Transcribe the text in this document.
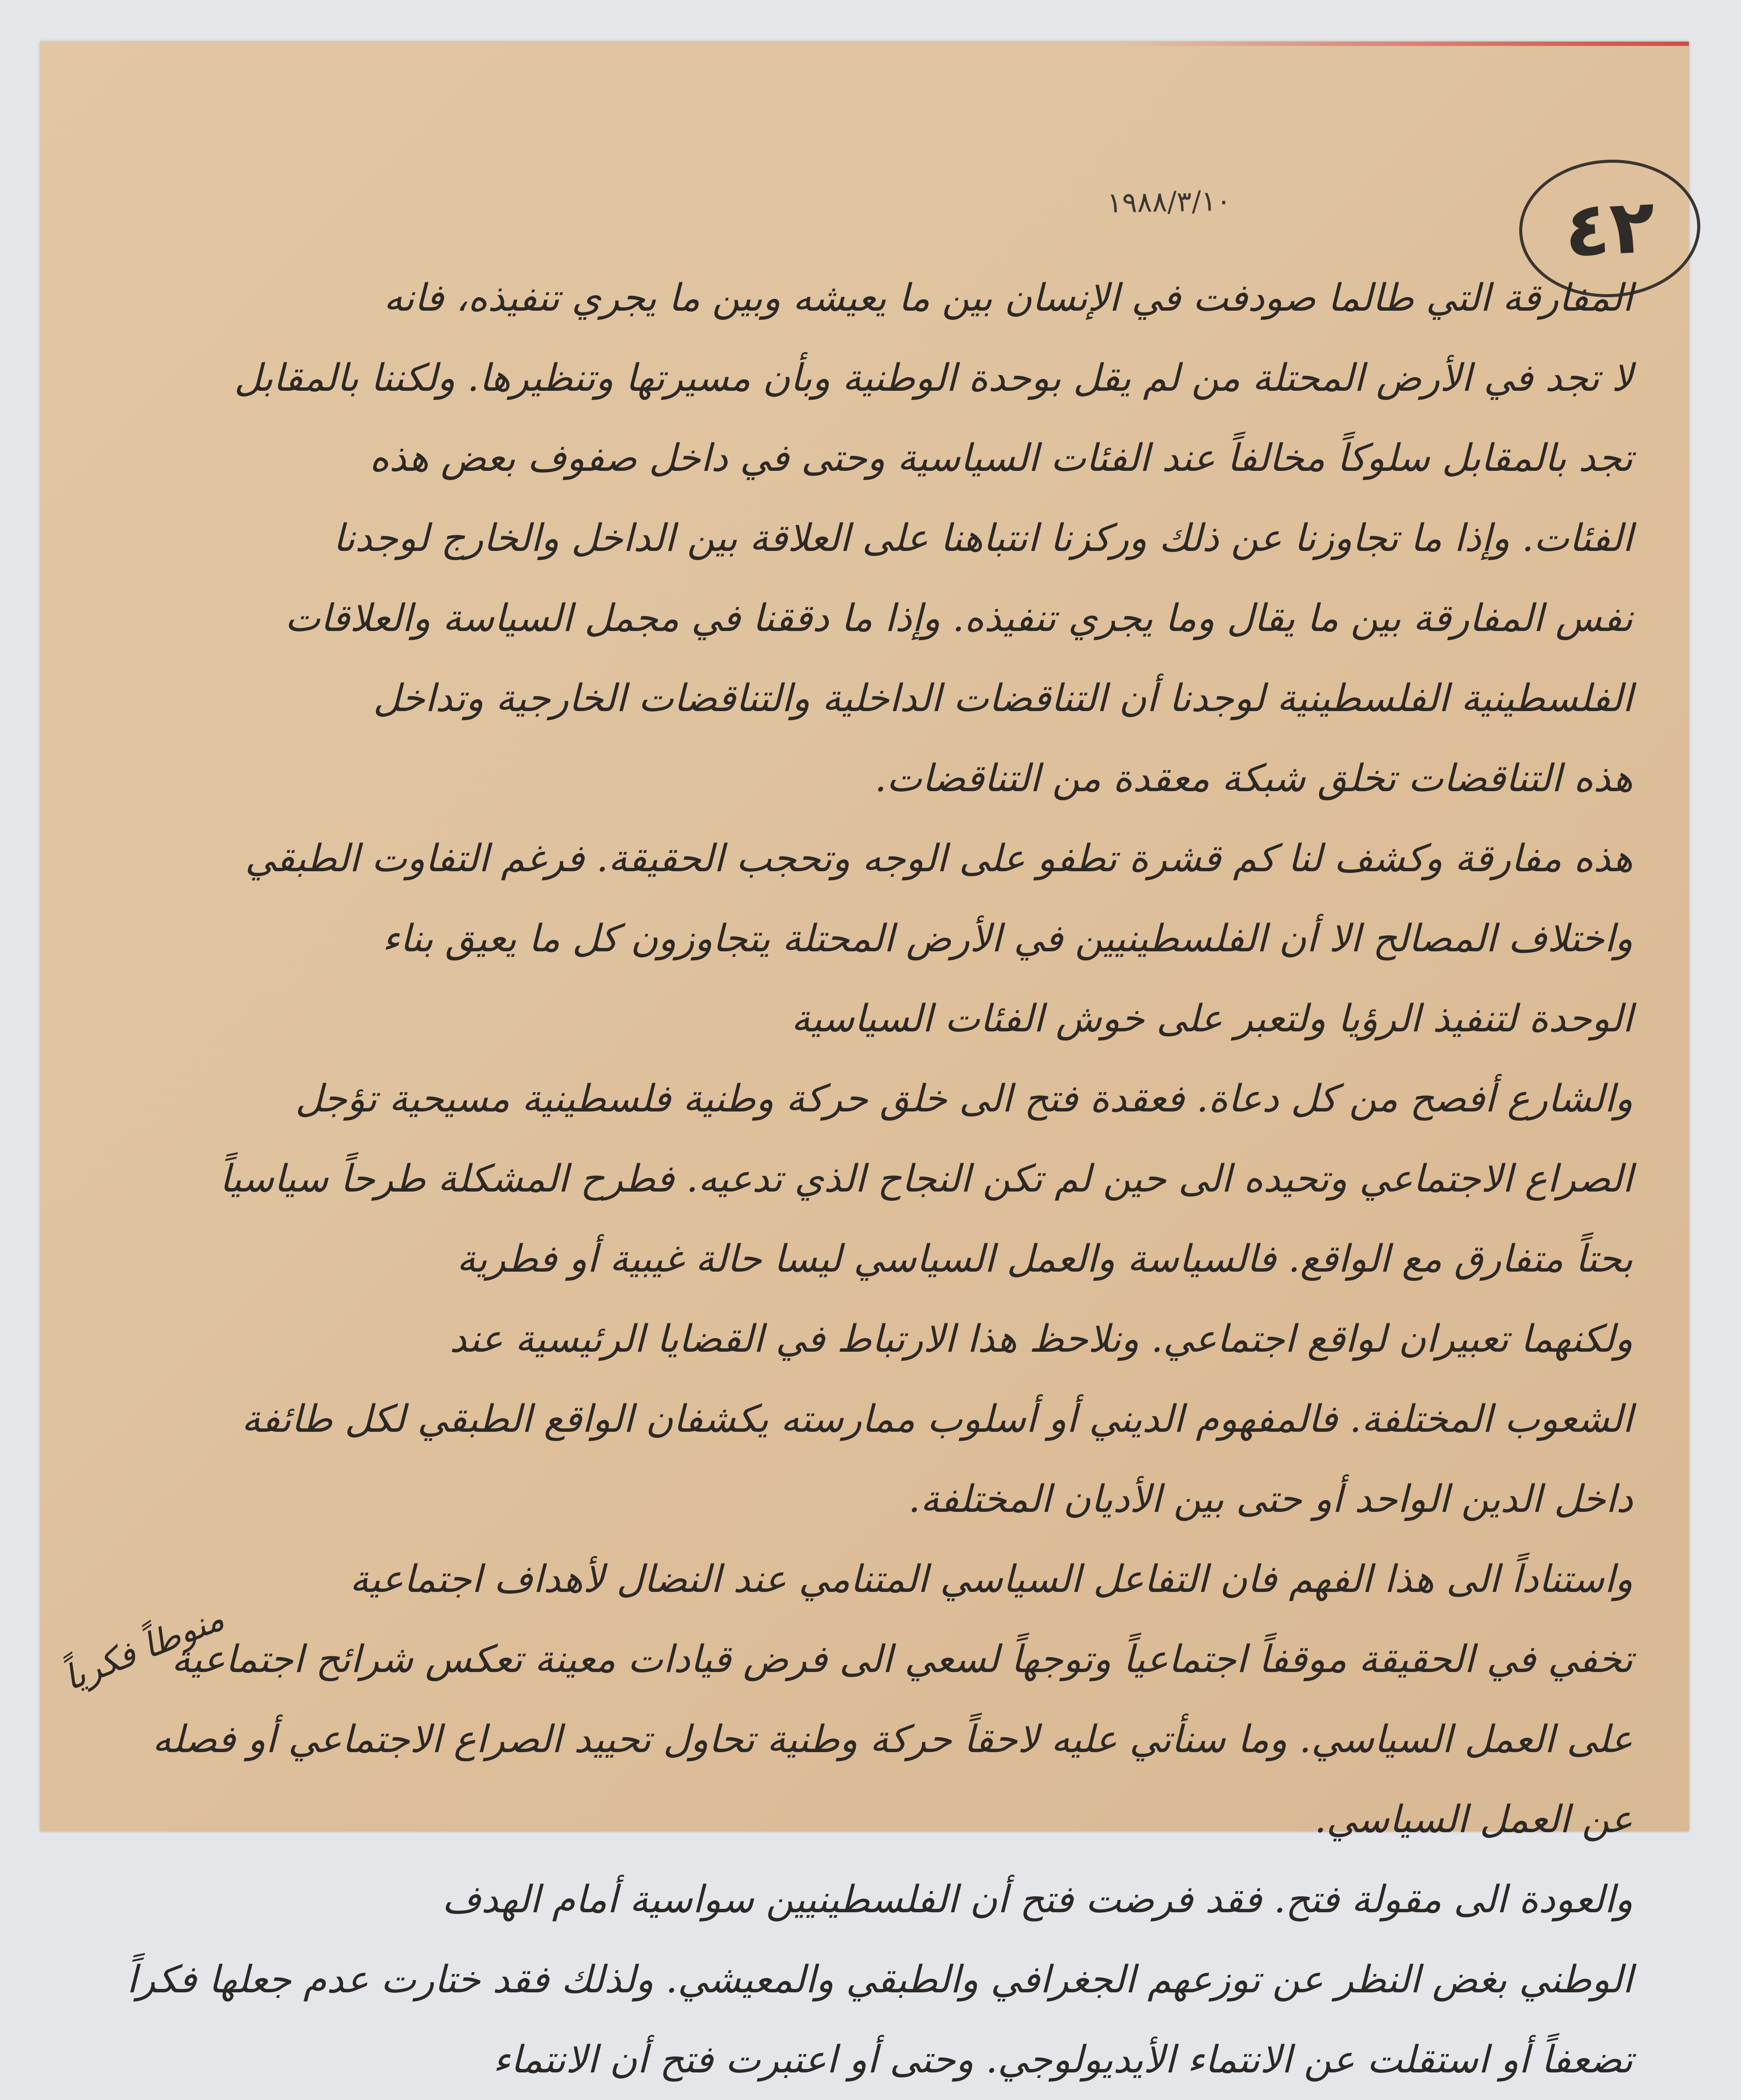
٤٢
١٩٨٨/٣/١٠
المفارقة التي طالما صودفت في الإنسان بين ما يعيشه وبين ما يجري تنفيذه، فانه
لا تجد في الأرض المحتلة من لم يقل بوحدة الوطنية وبأن مسيرتها وتنظيرها. ولكننا بالمقابل
تجد بالمقابل سلوكاً مخالفاً عند الفئات السياسية وحتى في داخل صفوف بعض هذه
الفئات. وإذا ما تجاوزنا عن ذلك وركزنا انتباهنا على العلاقة بين الداخل والخارج لوجدنا
نفس المفارقة بين ما يقال وما يجري تنفيذه. وإذا ما دققنا في مجمل السياسة والعلاقات
الفلسطينية الفلسطينية لوجدنا أن التناقضات الداخلية والتناقضات الخارجية وتداخل
هذه التناقضات تخلق شبكة معقدة من التناقضات.
هذه مفارقة وكشف لنا كم قشرة تطفو على الوجه وتحجب الحقيقة. فرغم التفاوت الطبقي
واختلاف المصالح الا أن الفلسطينيين في الأرض المحتلة يتجاوزون كل ما يعيق بناء
الوحدة لتنفيذ الرؤيا ولتعبر على خوش الفئات السياسية
والشارع أفصح من كل دعاة. فعقدة فتح الى خلق حركة وطنية فلسطينية مسيحية تؤجل
الصراع الاجتماعي وتحيده الى حين لم تكن النجاح الذي تدعيه. فطرح المشكلة طرحاً سياسياً
بحتاً متفارق مع الواقع. فالسياسة والعمل السياسي ليسا حالة غيبية أو فطرية
ولكنهما تعبيران لواقع اجتماعي. ونلاحظ هذا الارتباط في القضايا الرئيسية عند
الشعوب المختلفة. فالمفهوم الديني أو أسلوب ممارسته يكشفان الواقع الطبقي لكل طائفة
داخل الدين الواحد أو حتى بين الأديان المختلفة.
واستناداً الى هذا الفهم فان التفاعل السياسي المتنامي عند النضال لأهداف اجتماعية
تخفي في الحقيقة موقفاً اجتماعياً وتوجهاً لسعي الى فرض قيادات معينة تعكس شرائح اجتماعية
على العمل السياسي. وما سنأتي عليه لاحقاً حركة وطنية تحاول تحييد الصراع الاجتماعي أو فصله
عن العمل السياسي.
والعودة الى مقولة فتح. فقد فرضت فتح أن الفلسطينيين سواسية أمام الهدف
الوطني بغض النظر عن توزعهم الجغرافي والطبقي والمعيشي. ولذلك فقد ختارت عدم جعلها فكراً
تضعفاً أو استقلت عن الانتماء الأيديولوجي. وحتى أو اعتبرت فتح أن الانتماء
منوطاً فكرياً
